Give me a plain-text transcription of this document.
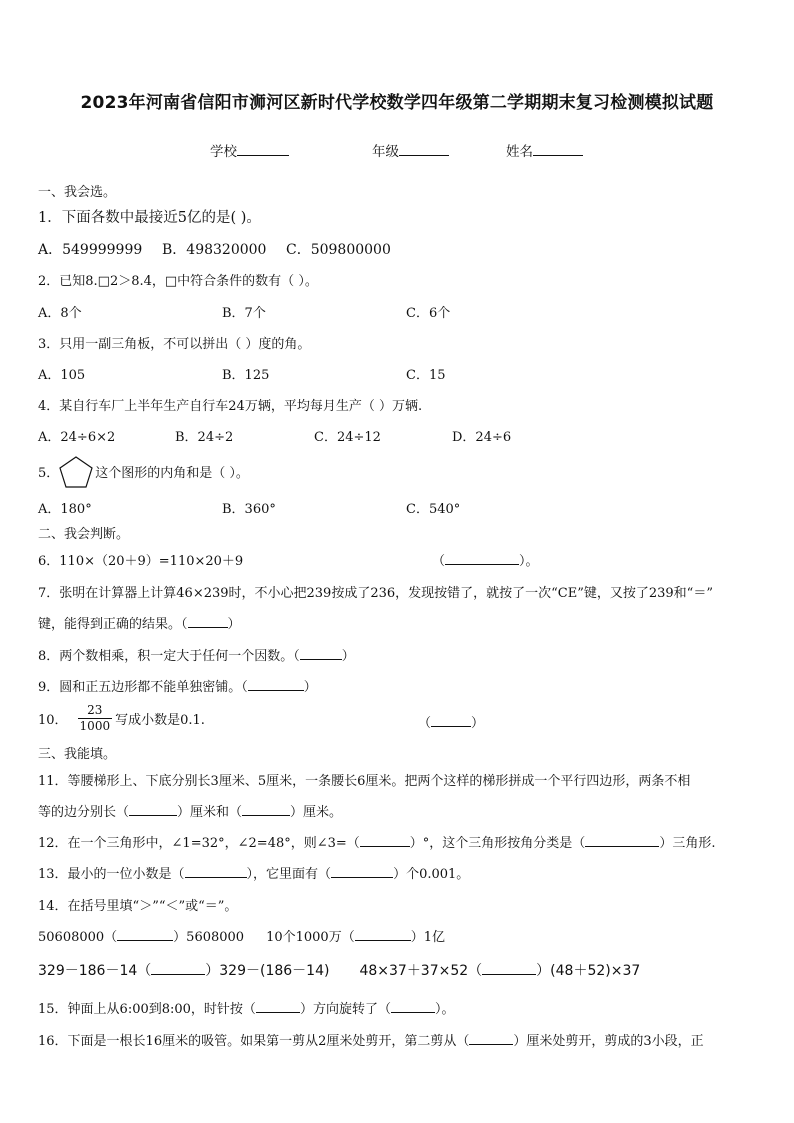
2023年河南省信阳市浉河区新时代学校数学四年级第二学期期末复习检测模拟试题
学校	年级	姓名
一、我会选。
1．下面各数中最接近5亿的是( )。
A．549999999 B．498320000 C．509800000
2．已知8.□2＞8.4，□中符合条件的数有（ ）。
A．8个	B．7个	C．6个
3．只用一副三角板，不可以拼出（ ）度的角。
A．105	B．125	C．15
4．某自行车厂上半年生产自行车24万辆，平均每月生产（ ）万辆.
A．24÷6×2	B．24÷2	C．24÷12	D．24÷6
5．	这个图形的内角和是（ ）。
A．180°	B．360°	C．540°
二、我会判断。
6．110×（20＋9）=110×20＋9	（	）。
7．张明在计算器上计算46×239时，不小心把239按成了236，发现按错了，就按了一次“CE”键，又按了239和“＝”
键，能得到正确的结果。（	）
8．两个数相乘，积一定大于任何一个因数。（	）
9．圆和正五边形都不能单独密铺。（	）
10． $\frac{23}{1000}$ 写成小数是0.1.	（	）
三、我能填。
11．等腰梯形上、下底分别长3厘米、5厘米，一条腰长6厘米。把两个这样的梯形拼成一个平行四边形，两条不相
等的边分别长（	）厘米和（	）厘米。
12．在一个三角形中，∠1=32°，∠2=48°，则∠3=（	）°，这个三角形按角分类是（	）三角形.
13．最小的一位小数是（	），它里面有（	）个0.001。
14．在括号里填“＞”“＜”或“＝”。
50608000（	）5608000 10个1000万（	）1亿
329－186－14（	）329－(186－14) 48×37＋37×52（	）(48＋52)×37
15．钟面上从6:00到8:00，时针按（	）方向旋转了（	）。
16．下面是一根长16厘米的吸管。如果第一剪从2厘米处剪开，第二剪从（	）厘米处剪开，剪成的3小段，正
